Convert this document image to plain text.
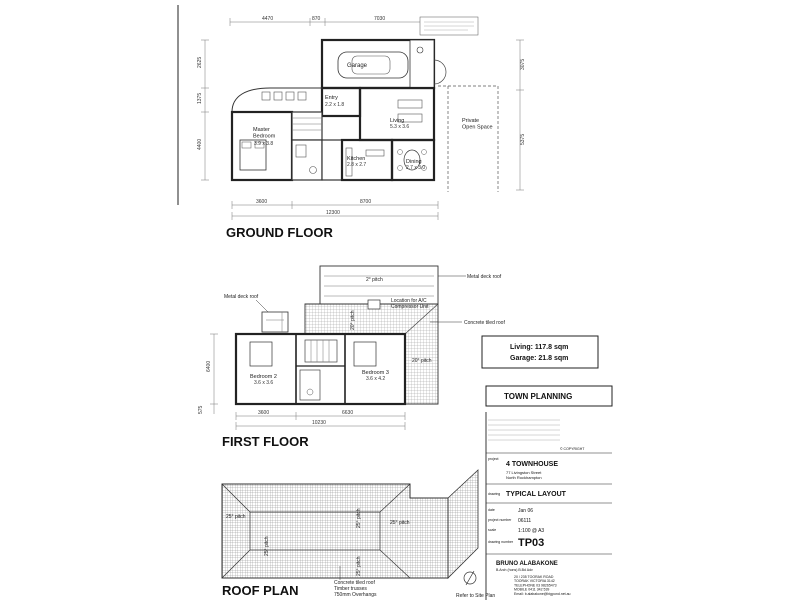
4470	870	7030
2625
1375
4400
3075
5375
Garage
Entry
2.2 x 1.8
Master Bedroom
3.9 x 3.8
Kitchen
2.8 x 2.7
Living
5.3 x 3.6
Dining
2.7 x 3.0
Private Open Space
3600	8700
12300
GROUND FLOOR
2° pitch	Metal deck roof
20° pitch
20° pitch
Concrete tiled roof
Location for A/C Compressor Unit
Metal deck roof
Bedroom 2
3.6 x 3.6
Bedroom 3
3.6 x 4.2
6400
575	3600	6630
10230
FIRST FLOOR
Living: 117.8 sqm
Garage: 21.8 sqm
25° pitch	25° pitch	25° pitch
25° pitch
25° pitch
Concrete tiled roof Timber trusses 750mm Overhangs
ROOF PLAN	Refer to Site Plan
TOWN PLANNING
© COPYRIGHT
project
4 TOWNHOUSE
77 Livingston Street North Rockhampton
drawing TYPICAL LAYOUT
date	Jan 06
project number 06111
scale	1:100 @ A3
drawing number TP03
BRUNO ALABAKONE
B.Arch (hons) B.Bd Adv
20 / 235 TOORAK ROAD TOORAK VICTORIA 3142 TELEPHONE 03 98265473 MOBILE 0411 342 539 Email: b.alabakone@bigpond.net.au
